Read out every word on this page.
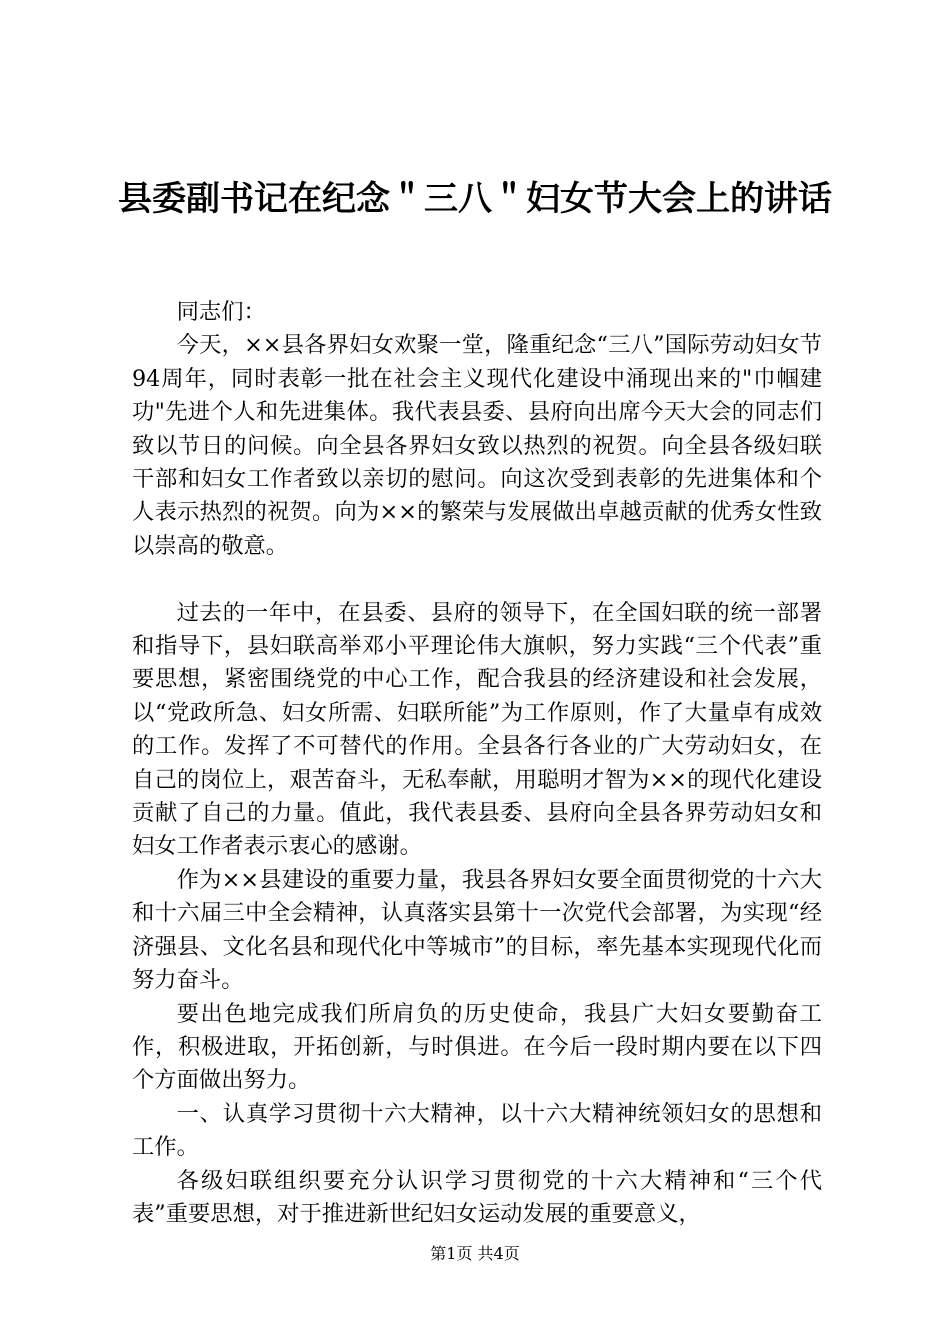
县委副书记在纪念＂三八＂妇女节大会上的讲话

同志们：

今天，××县各界妇女欢聚一堂，隆重纪念“三八”国际劳动妇女节94周年，同时表彰一批在社会主义现代化建设中涌现出来的"巾帼建功"先进个人和先进集体。我代表县委、县府向出席今天大会的同志们致以节日的问候。向全县各界妇女致以热烈的祝贺。向全县各级妇联干部和妇女工作者致以亲切的慰问。向这次受到表彰的先进集体和个人表示热烈的祝贺。向为××的繁荣与发展做出卓越贡献的优秀女性致以崇高的敬意。

过去的一年中，在县委、县府的领导下，在全国妇联的统一部署和指导下，县妇联高举邓小平理论伟大旗帜，努力实践“三个代表”重要思想，紧密围绕党的中心工作，配合我县的经济建设和社会发展，以“党政所急、妇女所需、妇联所能”为工作原则，作了大量卓有成效的工作。发挥了不可替代的作用。全县各行各业的广大劳动妇女，在自己的岗位上，艰苦奋斗，无私奉献，用聪明才智为××的现代化建设贡献了自己的力量。值此，我代表县委、县府向全县各界劳动妇女和妇女工作者表示衷心的感谢。

作为××县建设的重要力量，我县各界妇女要全面贯彻党的十六大和十六届三中全会精神，认真落实县第十一次党代会部署，为实现“经济强县、文化名县和现代化中等城市”的目标，率先基本实现现代化而努力奋斗。

要出色地完成我们所肩负的历史使命，我县广大妇女要勤奋工作，积极进取，开拓创新，与时俱进。在今后一段时期内要在以下四个方面做出努力。

一、认真学习贯彻十六大精神，以十六大精神统领妇女的思想和工作。

各级妇联组织要充分认识学习贯彻党的十六大精神和“三个代表”重要思想，对于推进新世纪妇女运动发展的重要意义，

第1页 共4页
